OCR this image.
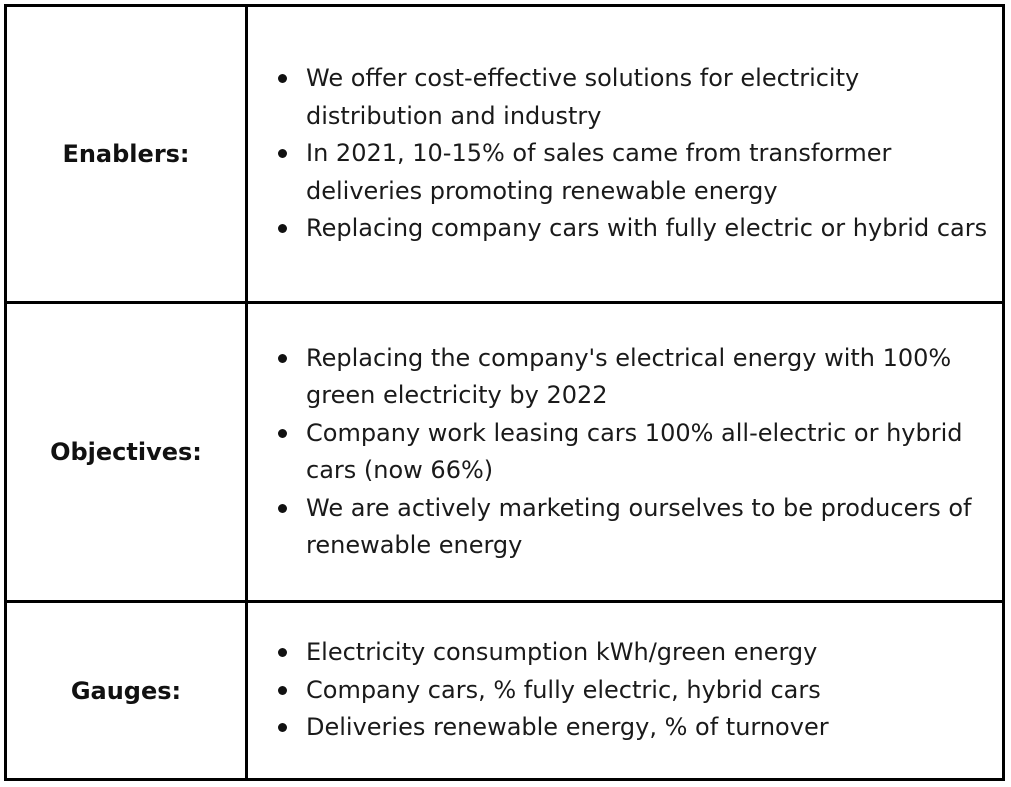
Enablers:
We offer cost-effective solutions for electricity distribution and industry
In 2021, 10-15% of sales came from transformer deliveries promoting renewable energy
Replacing company cars with fully electric or hybrid cars
Objectives:
Replacing the company's electrical energy with 100% green electricity by 2022
Company work leasing cars 100% all-electric or hybrid cars (now 66%)
We are actively marketing ourselves to be producers of renewable energy
Gauges:
Electricity consumption kWh/green energy
Company cars, % fully electric, hybrid cars
Deliveries renewable energy, % of turnover
